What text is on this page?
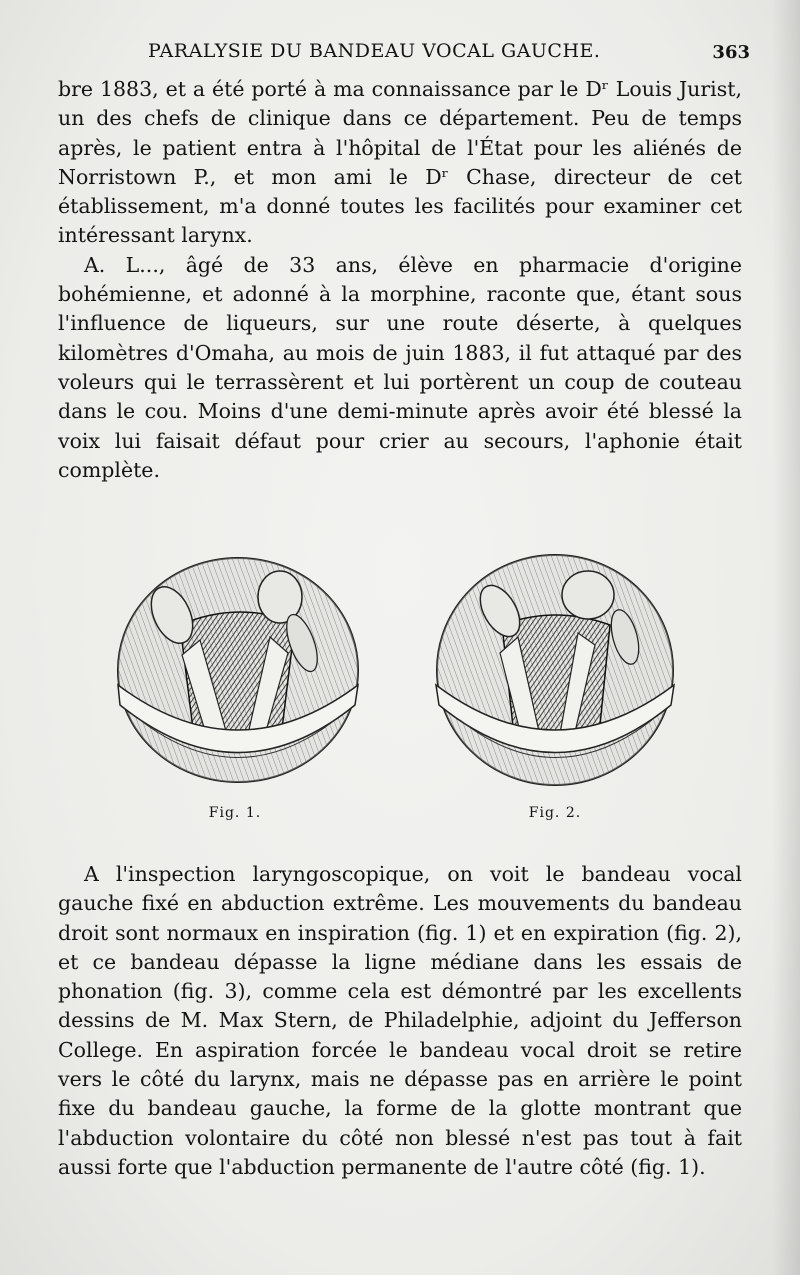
PARALYSIE DU BANDEAU VOCAL GAUCHE.	363

bre 1883, et a été porté à ma connaissance par le Dʳ Louis Jurist, un des chefs de clinique dans ce département. Peu de temps après, le patient entra à l'hôpital de l'État pour les aliénés de Norristown P., et mon ami le Dʳ Chase, directeur de cet établissement, m'a donné toutes les facilités pour examiner cet intéressant larynx.

A. L..., âgé de 33 ans, élève en pharmacie d'origine bohémienne, et adonné à la morphine, raconte que, étant sous l'influence de liqueurs, sur une route déserte, à quelques kilomètres d'Omaha, au mois de juin 1883, il fut attaqué par des voleurs qui le terrassèrent et lui portèrent un coup de couteau dans le cou. Moins d'une demi-minute après avoir été blessé la voix lui faisait défaut pour crier au secours, l'aphonie était complète.

Fig. 1.	Fig. 2.

A l'inspection laryngoscopique, on voit le bandeau vocal gauche fixé en abduction extrême. Les mouvements du bandeau droit sont normaux en inspiration (fig. 1) et en expiration (fig. 2), et ce bandeau dépasse la ligne médiane dans les essais de phonation (fig. 3), comme cela est démontré par les excellents dessins de M. Max Stern, de Philadelphie, adjoint du Jefferson College. En aspiration forcée le bandeau vocal droit se retire vers le côté du larynx, mais ne dépasse pas en arrière le point fixe du bandeau gauche, la forme de la glotte montrant que l'abduction volontaire du côté non blessé n'est pas tout à fait aussi forte que l'abduction permanente de l'autre côté (fig. 1).
